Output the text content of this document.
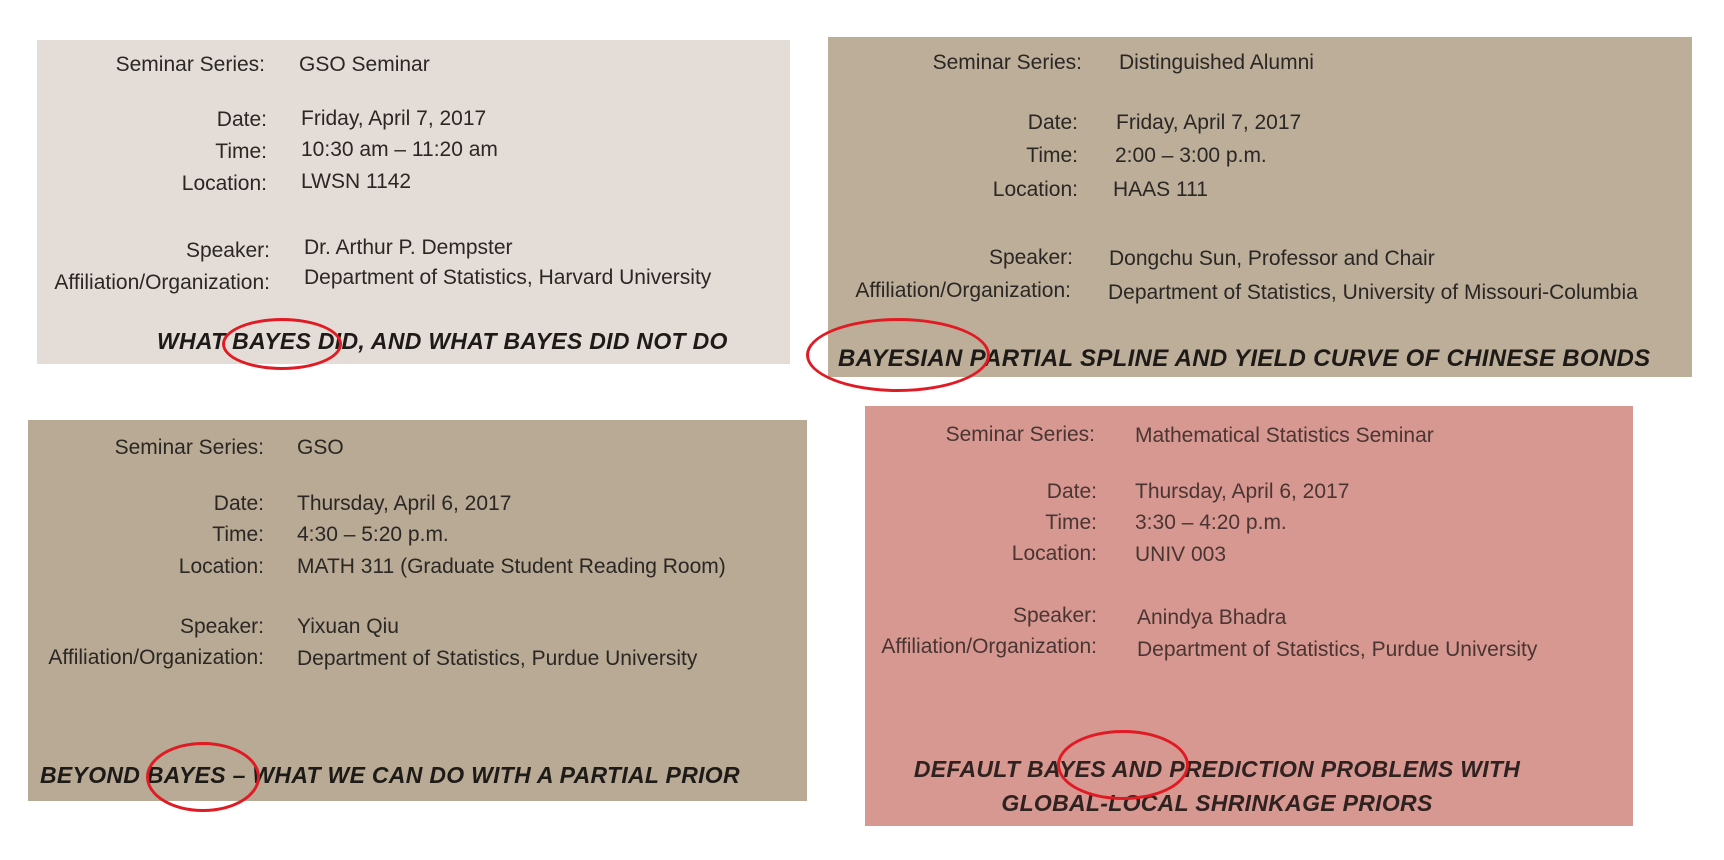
Seminar Series: GSO Seminar
Date: Friday, April 7, 2017
Time: 10:30 am – 11:20 am
Location: LWSN 1142
Speaker: Dr. Arthur P. Dempster
Affiliation/Organization: Department of Statistics, Harvard University
WHAT BAYES DID, AND WHAT BAYES DID NOT DO
Seminar Series: Distinguished Alumni
Date: Friday, April 7, 2017
Time: 2:00 – 3:00 p.m.
Location: HAAS 111
Speaker: Dongchu Sun, Professor and Chair
Affiliation/Organization: Department of Statistics, University of Missouri-Columbia
BAYESIAN PARTIAL SPLINE AND YIELD CURVE OF CHINESE BONDS
Seminar Series: GSO
Date: Thursday, April 6, 2017
Time: 4:30 – 5:20 p.m.
Location: MATH 311 (Graduate Student Reading Room)
Speaker: Yixuan Qiu
Affiliation/Organization: Department of Statistics, Purdue University
BEYOND BAYES – WHAT WE CAN DO WITH A PARTIAL PRIOR
Seminar Series: Mathematical Statistics Seminar
Date: Thursday, April 6, 2017
Time: 3:30 – 4:20 p.m.
Location: UNIV 003
Speaker: Anindya Bhadra
Affiliation/Organization: Department of Statistics, Purdue University
DEFAULT BAYES AND PREDICTION PROBLEMS WITH
GLOBAL-LOCAL SHRINKAGE PRIORS
